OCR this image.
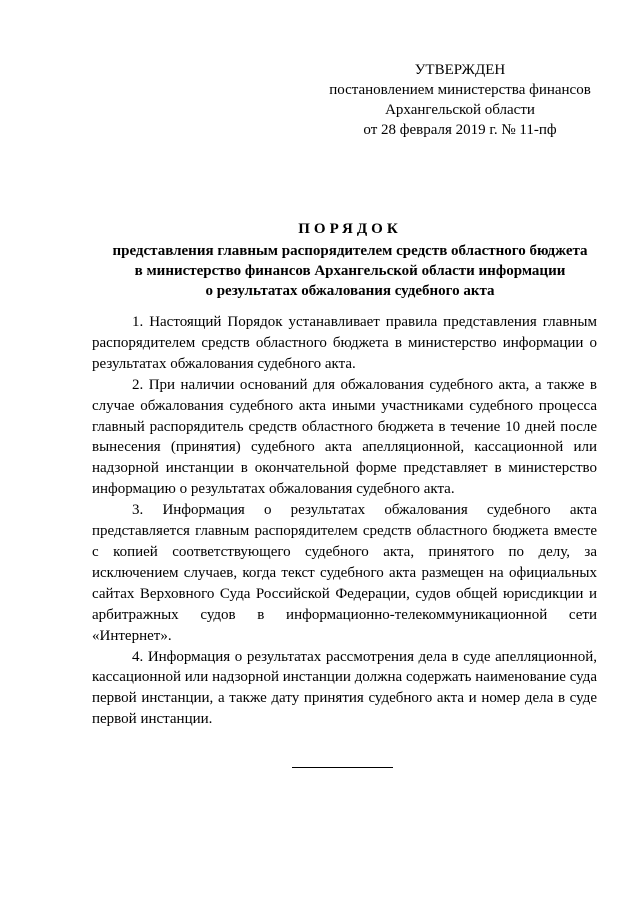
УТВЕРЖДЕН
постановлением министерства финансов
Архангельской области
от 28 февраля 2019 г. № 11-пф
ПОРЯДОК
представления главным распорядителем средств областного бюджета
в министерство финансов Архангельской области информации
о результатах обжалования судебного акта

1. Настоящий Порядок устанавливает правила представления главным распорядителем средств областного бюджета в министерство информации о результатах обжалования судебного акта.

2. При наличии оснований для обжалования судебного акта, а также в случае обжалования судебного акта иными участниками судебного процесса главный распорядитель средств областного бюджета в течение 10 дней после вынесения (принятия) судебного акта апелляционной, кассационной или надзорной инстанции в окончательной форме представляет в министерство информацию о результатах обжалования судебного акта.

3. Информация о результатах обжалования судебного акта представляется главным распорядителем средств областного бюджета вместе с копией соответствующего судебного акта, принятого по делу, за исключением случаев, когда текст судебного акта размещен на официальных сайтах Верховного Суда Российской Федерации, судов общей юрисдикции и арбитражных судов в информационно-телекоммуникационной сети «Интернет».

4. Информация о результатах рассмотрения дела в суде апелляционной, кассационной или надзорной инстанции должна содержать наименование суда первой инстанции, а также дату принятия судебного акта и номер дела в суде первой инстанции.
